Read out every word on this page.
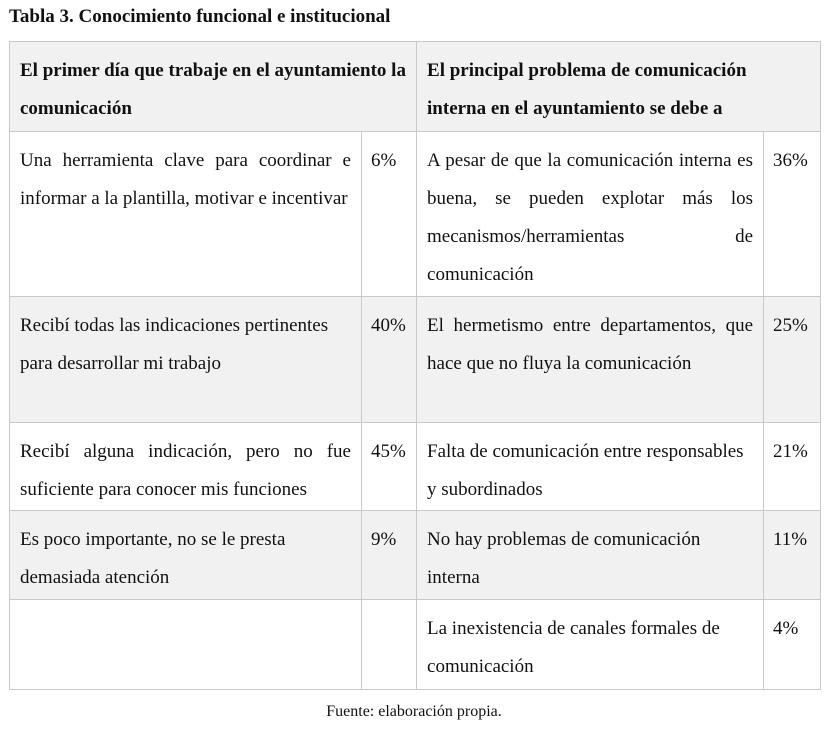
Tabla 3. Conocimiento funcional e institucional
El primer día que trabaje en el ayuntamiento la comunicación		El principal problema de comunicación interna en el ayuntamiento se debe a	
Una herramienta clave para coordinar e informar a la plantilla, motivar e incentivar	6%	A pesar de que la comunicación interna es buena, se pueden explotar más los mecanismos/herramientas de comunicación	36%
Recibí todas las indicaciones pertinentes para desarrollar mi trabajo	40%	El hermetismo entre departamentos, que hace que no fluya la comunicación	25%
Recibí alguna indicación, pero no fue suficiente para conocer mis funciones	45%	Falta de comunicación entre responsables y subordinados	21%
Es poco importante, no se le presta demasiada atención	9%	No hay problemas de comunicación interna	11%
		La inexistencia de canales formales de comunicación	4%
Fuente: elaboración propia.
